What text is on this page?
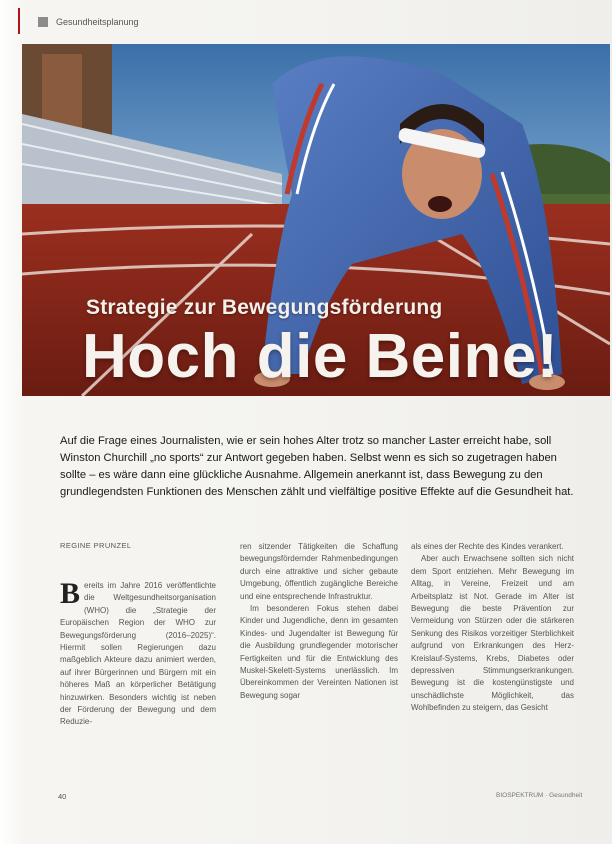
Gesundheitsplanung
Strategie zur Bewegungsförderung
Hoch die Beine!

Auf die Frage eines Journalisten, wie er sein hohes Alter trotz so mancher Laster erreicht habe, soll Winston Churchill „no sports“ zur Antwort gegeben haben. Selbst wenn es sich so zugetragen haben sollte – es wäre dann eine glückliche Ausnahme. Allgemein anerkannt ist, dass Bewegung zu den grundlegendsten Funktionen des Menschen zählt und vielfältige positive Effekte auf die Gesundheit hat.

REGINE PRUNZEL
Bereits im Jahre 2016 veröffentlichte die Weltgesundheitsorganisation (WHO) die „Strategie der Europäischen Region der WHO zur Bewegungsförderung (2016–2025)“. Hiermit sollen Regierungen dazu maßgeblich Akteure dazu animiert werden, auf ihrer Bürgerinnen und Bürgern mit ein höheres Maß an körperlicher Betätigung hinzuwirken. Besonders wichtig ist neben der Förderung der Bewegung und dem Reduzie-
ren sitzender Tätigkeiten die Schaffung bewegungsfördernder Rahmenbedingungen durch eine attraktive und sicher gebaute Umgebung, öffentlich zugängliche Bereiche und eine entsprechende Infrastruktur.
Im besonderen Fokus stehen dabei Kinder und Jugendliche, denn im gesamten Kindes- und Jugendalter ist Bewegung für die Ausbildung grundlegender motorischer Fertigkeiten und für die Entwicklung des Muskel-Skelett-Systems unerlässlich. Im Übereinkommen der Vereinten Nationen ist Bewegung sogar
als eines der Rechte des Kindes verankert.
Aber auch Erwachsene sollten sich nicht dem Sport entziehen. Mehr Bewegung im Alltag, in Vereine, Freizeit und am Arbeitsplatz ist Not. Gerade im Alter ist Bewegung die beste Prävention zur Vermeidung von Stürzen oder die stärkeren Senkung des Risikos vorzeitiger Sterblichkeit aufgrund von Erkrankungen des Herz-Kreislauf-Systems, Krebs, Diabetes oder depressiven Stimmungserkrankungen. Bewegung ist die kostengünstigste und unschädlichste Möglichkeit, das Wohlbefinden zu steigern, das Gesicht
40	BIOSPEKTRUM · Gesundheit
